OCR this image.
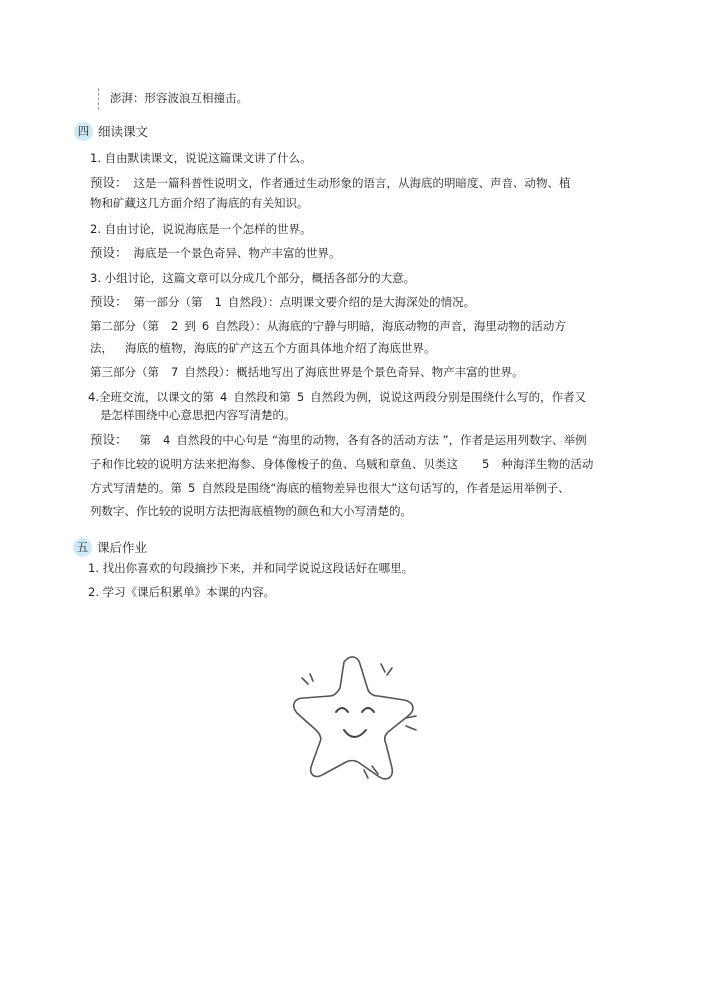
澎湃：形容波浪互相撞击。
四 细读课文
1. 自由默读课文，说说这篇课文讲了什么。
预设： 这是一篇科普性说明文，作者通过生动形象的语言，从海底的明暗度、声音、动物、植
物和矿藏这几方面介绍了海底的有关知识。
2. 自由讨论，说说海底是一个怎样的世界。
预设： 海底是一个景色奇异、物产丰富的世界。
3. 小组讨论，这篇文章可以分成几个部分，概括各部分的大意。
预设： 第一部分（第 1 自然段）：点明课文要介绍的是大海深处的情况。
第二部分（第 2 到 6 自然段）：从海底的宁静与明暗，海底动物的声音，海里动物的活动方
法， 海底的植物，海底的矿产这五个方面具体地介绍了海底世界。
第三部分（第 7 自然段）：概括地写出了海底世界是个景色奇异、物产丰富的世界。
4.全班交流，以课文的第 4 自然段和第 5 自然段为例，说说这两段分别是围绕什么写的，作者又
是怎样围绕中心意思把内容写清楚的。
预设： 第 4 自然段的中心句是 “海里的动物，各有各的活动方法 ”，作者是运用列数字、举例
子和作比较的说明方法来把海参、身体像梭子的鱼、乌贼和章鱼、贝类这 5 种海洋生物的活动
方式写清楚的。第 5 自然段是围绕“海底的植物差异也很大”这句话写的，作者是运用举例子、
列数字、作比较的说明方法把海底植物的颜色和大小写清楚的。
五 课后作业
1. 找出你喜欢的句段摘抄下来，并和同学说说这段话好在哪里。
2. 学习《课后积累单》本课的内容。
